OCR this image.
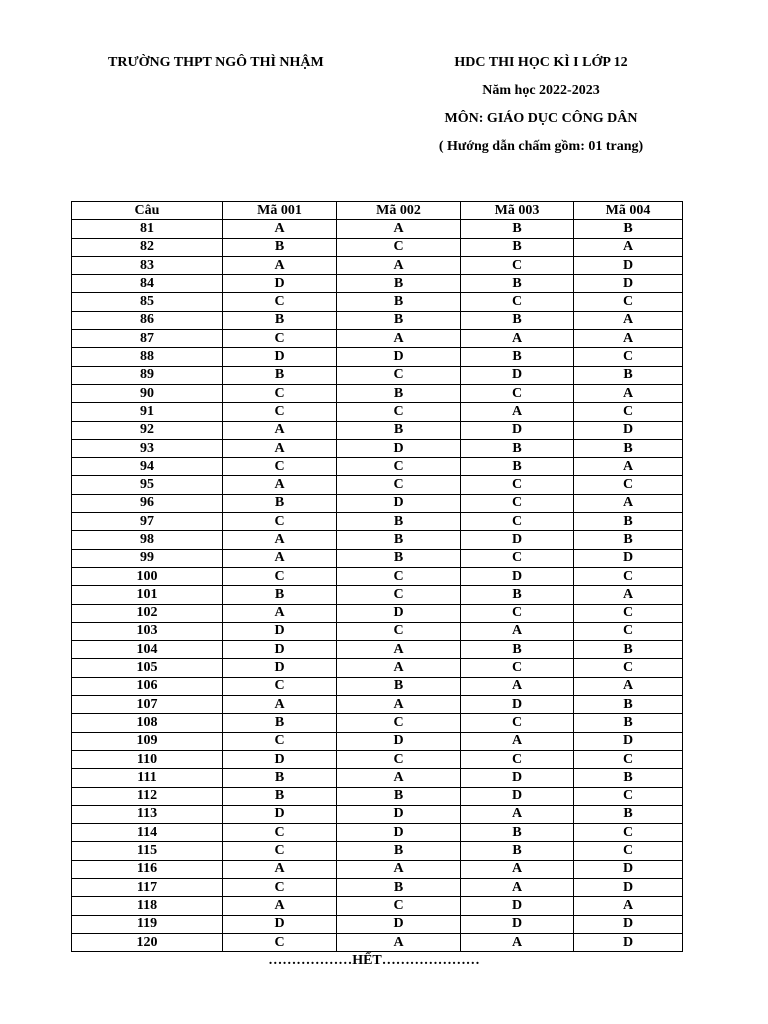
TRƯỜNG THPT NGÔ THÌ NHẬM	HDC THI HỌC KÌ I LỚP 12
Năm học 2022-2023
MÔN: GIÁO DỤC CÔNG DÂN
( Hướng dẫn chấm gồm: 01 trang)
Câu	Mã 001	Mã 002	Mã 003	Mã 004
81	A	A	B	B
82	B	C	B	A
83	A	A	C	D
84	D	B	B	D
85	C	B	C	C
86	B	B	B	A
87	C	A	A	A
88	D	D	B	C
89	B	C	D	B
90	C	B	C	A
91	C	C	A	C
92	A	B	D	D
93	A	D	B	B
94	C	C	B	A
95	A	C	C	C
96	B	D	C	A
97	C	B	C	B
98	A	B	D	B
99	A	B	C	D
100	C	C	D	C
101	B	C	B	A
102	A	D	C	C
103	D	C	A	C
104	D	A	B	B
105	D	A	C	C
106	C	B	A	A
107	A	A	D	B
108	B	C	C	B
109	C	D	A	D
110	D	C	C	C
111	B	A	D	B
112	B	B	D	C
113	D	D	A	B
114	C	D	B	C
115	C	B	B	C
116	A	A	A	D
117	C	B	A	D
118	A	C	D	A
119	D	D	D	D
120	C	A	A	D
………………HẾT…………………
